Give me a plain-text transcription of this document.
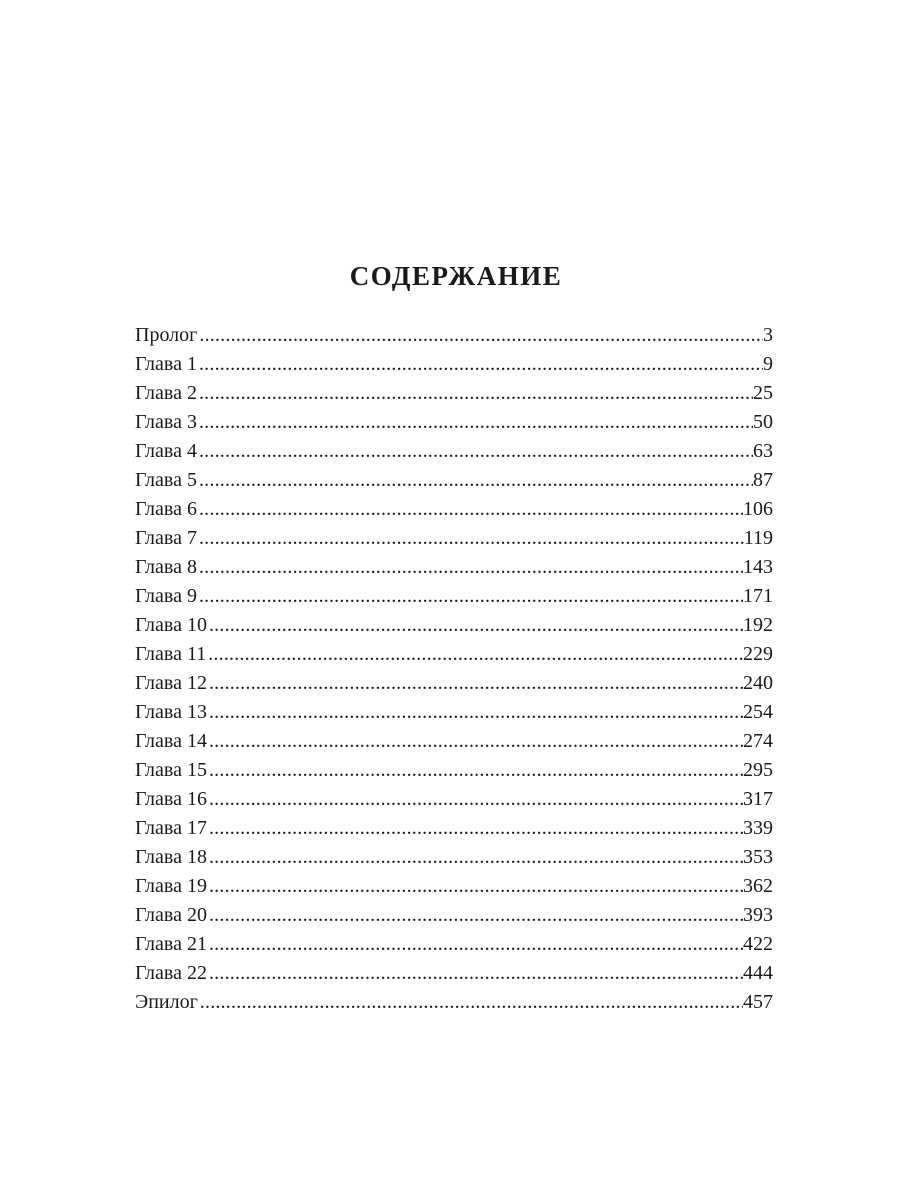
СОДЕРЖАНИЕ
Пролог .....	3
Глава 1 .....	9
Глава 2 .....	25
Глава 3 .....	50
Глава 4 .....	63
Глава 5 .....	87
Глава 6 .....	106
Глава 7 .....	119
Глава 8 .....	143
Глава 9 .....	171
Глава 10 .....	192
Глава 11 .....	229
Глава 12 .....	240
Глава 13 .....	254
Глава 14 .....	274
Глава 15 .....	295
Глава 16 .....	317
Глава 17 .....	339
Глава 18 .....	353
Глава 19 .....	362
Глава 20 .....	393
Глава 21 .....	422
Глава 22 .....	444
Эпилог .....	457
